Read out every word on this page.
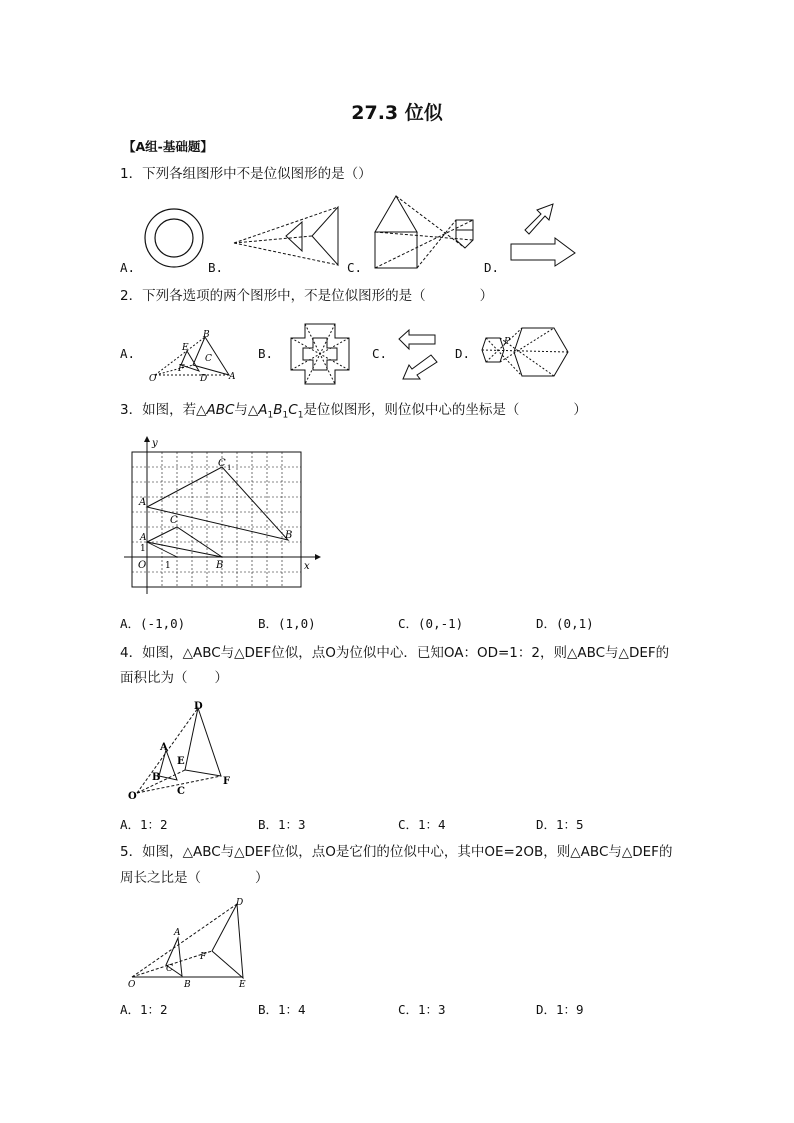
27.3 位似
【A组-基础题】
1．下列各组图形中不是位似图形的是（）
A.	B.	C.	D.
2．下列各选项的两个图形中，不是位似图形的是（　　　　）
A.	B.	C.	D.
B
E
C
F
D
O	A
P
3．如图，若△ABC与$\triangle A_1B_1C_1$是位似图形，则位似中心的坐标是（　　　　）
y
x
O 1
1
A
B
C
A
B
C 1
A．(-1,0)	B．(1,0)	C．(0,-1)	D．(0,1)
4．如图，△ABC与△DEF位似，点O为位似中心．已知OA：OD=1：2，则△ABC与△DEF的
面积比为（　　）
D
A
E
B
C
F
O
A．1：2	B．1：3	C．1：4	D．1：5
5．如图，△ABC与△DEF位似，点O是它们的位似中心，其中OE=2OB，则△ABC与△DEF的
周长之比是（　　　　）
D
A
F
C
O	B	E
A．1：2	B．1：4	C．1：3	D．1：9
